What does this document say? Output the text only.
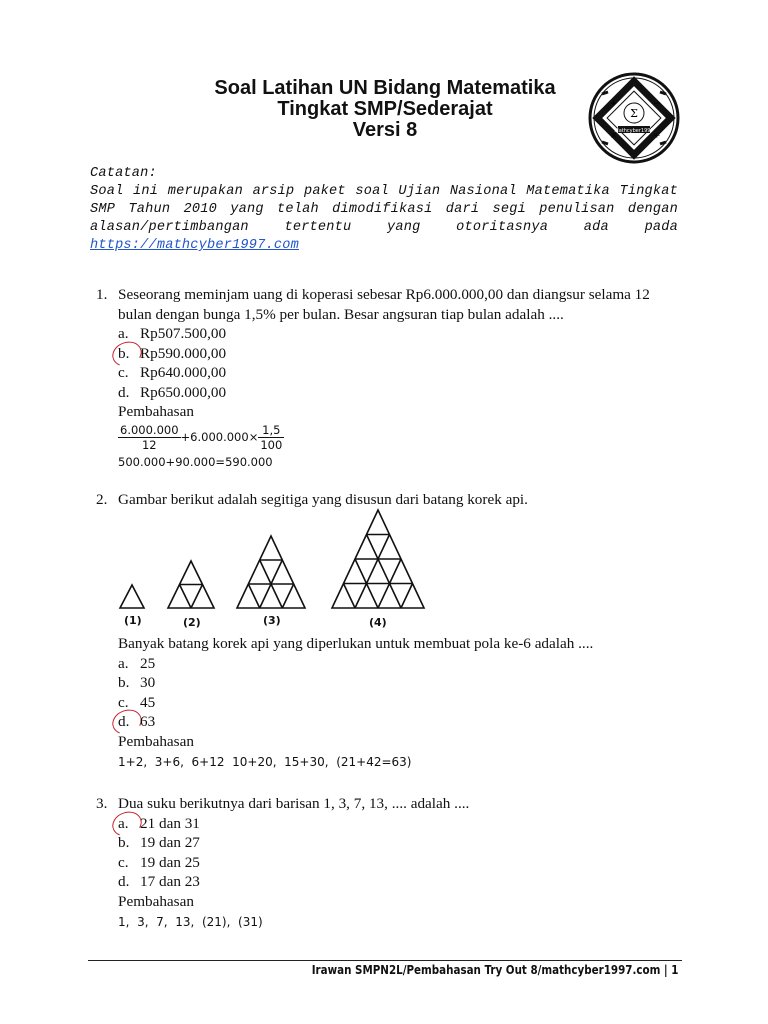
Soal Latihan UN Bidang Matematika
Tingkat SMP/Sederajat
Versi 8
Σ
Mathcyber1997
+	−
×	÷
Catatan:
Soal ini merupakan arsip paket soal Ujian Nasional Matematika Tingkat SMP Tahun 2010 yang telah dimodifikasi dari segi penulisan dengan alasan/pertimbangan tertentu yang otoritasnya ada pada
https://mathcyber1997.com
1. Seseorang meminjam uang di koperasi sebesar Rp6.000.000,00 dan diangsur selama 12 bulan dengan bunga 1,5% per bulan. Besar angsuran tiap bulan adalah ....
a. Rp507.500,00
b. Rp590.000,00
c. Rp640.000,00
d. Rp650.000,00
Pembahasan
$\frac{6.000.000}{12} +6.000.000\times \frac{1,5}{100}$
500.000+90.000=590.000
2. Gambar berikut adalah segitiga yang disusun dari batang korek api.
(1)	(2)	(3)	(4)
Banyak batang korek api yang diperlukan untuk membuat pola ke-6 adalah ....
a. 25
b. 30
c. 45
d. 63
Pembahasan
1+2,  3+6,  6+12  10+20,  15+30,  (21+42=63)
3. Dua suku berikutnya dari barisan 1, 3, 7, 13, .... adalah ....
a. 21 dan 31
b. 19 dan 27
c. 19 dan 25
d. 17 dan 23
Pembahasan
1,  3,  7,  13,  (21),  (31)
Irawan SMPN2L/Pembahasan Try Out 8/mathcyber1997.com | 1
